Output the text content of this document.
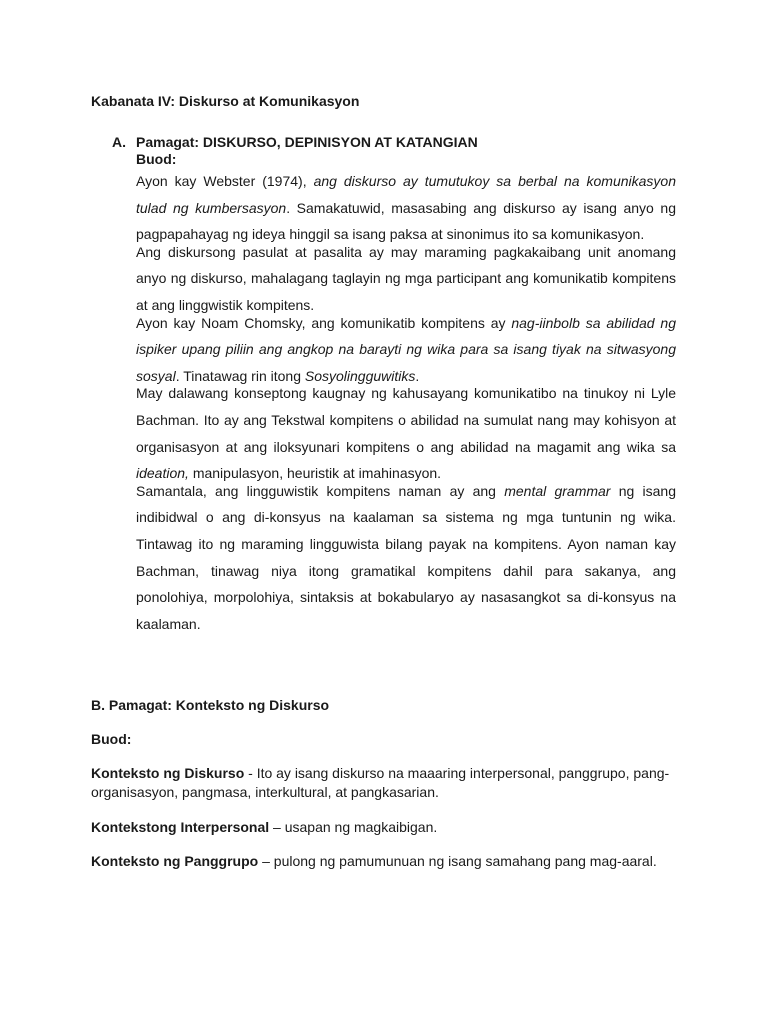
Kabanata IV: Diskurso at Komunikasyon
A. Pamagat: DISKURSO, DEPINISYON AT KATANGIAN
Buod:

Ayon kay Webster (1974), ang diskurso ay tumutukoy sa berbal na komunikasyon tulad ng kumbersasyon. Samakatuwid, masasabing ang diskurso ay isang anyo ng pagpapahayag ng ideya hinggil sa isang paksa at sinonimus ito sa komunikasyon.

Ang diskursong pasulat at pasalita ay may maraming pagkakaibang unit anomang anyo ng diskurso, mahalagang taglayin ng mga participant ang komunikatib kompitens at ang linggwistik kompitens.

Ayon kay Noam Chomsky, ang komunikatib kompitens ay nag-iinbolb sa abilidad ng ispiker upang piliin ang angkop na barayti ng wika para sa isang tiyak na sitwasyong sosyal. Tinatawag rin itong Sosyolingguwitiks.

May dalawang konseptong kaugnay ng kahusayang komunikatibo na tinukoy ni Lyle Bachman. Ito ay ang Tekstwal kompitens o abilidad na sumulat nang may kohisyon at organisasyon at ang iloksyunari kompitens o ang abilidad na magamit ang wika sa ideation, manipulasyon, heuristik at imahinasyon.

Samantala, ang lingguwistik kompitens naman ay ang mental grammar ng isang indibidwal o ang di-konsyus na kaalaman sa sistema ng mga tuntunin ng wika. Tintawag ito ng maraming lingguwista bilang payak na kompitens. Ayon naman kay Bachman, tinawag niya itong gramatikal kompitens dahil para sakanya, ang ponolohiya, morpolohiya, sintaksis at bokabularyo ay nasasangkot sa di-konsyus na kaalaman.

B. Pamagat: Konteksto ng Diskurso
Buod:
Konteksto ng Diskurso - Ito ay isang diskurso na maaaring interpersonal, panggrupo, pang-organisasyon, pangmasa, interkultural, at pangkasarian.
Kontekstong Interpersonal – usapan ng magkaibigan.
Konteksto ng Panggrupo – pulong ng pamumunuan ng isang samahang pang mag-aaral.
